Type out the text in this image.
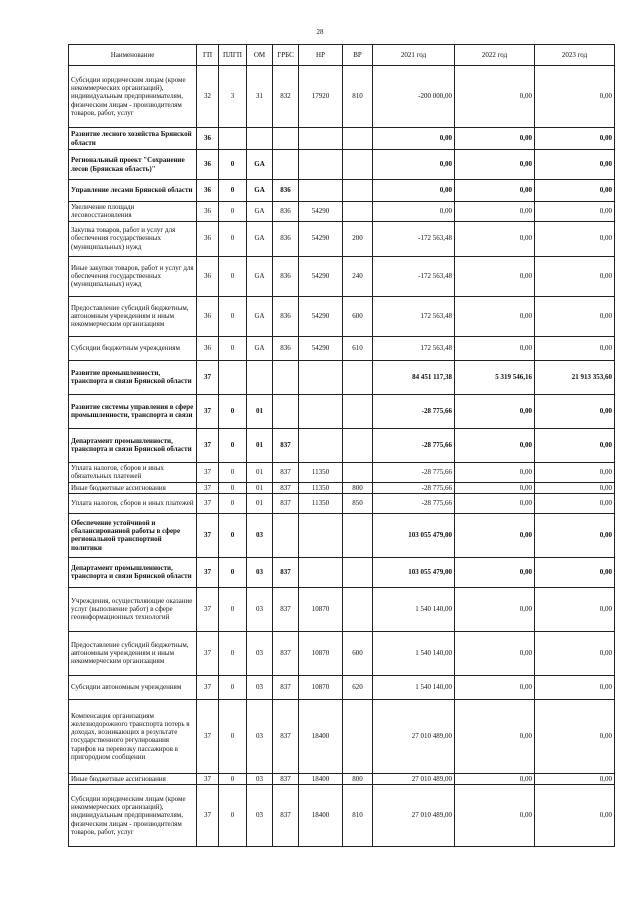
28
Наименование	ГП	ПЛГП	ОМ	ГРБС	НР	ВР	2021 год	2022 год	2023 год
Субсидии юридическим лицам (кроме некоммерческих организаций), индивидуальным предпринимателям, физическим лицам - производителям товаров, работ, услуг	32	3	31	832	17920	810	-200 000,00	0,00	0,00
Развитие лесного хозяйства Брянской области	36						0,00	0,00	0,00
Региональный проект "Сохранение лесов (Брянская область)"	36	0	GA				0,00	0,00	0,00
Управление лесами Брянской области	36	0	GA	836			0,00	0,00	0,00
Увеличение площади лесовосстановления	36	0	GA	836	54290		0,00	0,00	0,00
Закупка товаров, работ и услуг для обеспечения государственных (муниципальных) нужд	36	0	GA	836	54290	200	-172 563,48	0,00	0,00
Иные закупки товаров, работ и услуг для обеспечения государственных (муниципальных) нужд	36	0	GA	836	54290	240	-172 563,48	0,00	0,00
Предоставление субсидий бюджетным, автономным учреждениям и иным некоммерческим организациям	36	0	GA	836	54290	600	172 563,48	0,00	0,00
Субсидии бюджетным учреждениям	36	0	GA	836	54290	610	172 563,48	0,00	0,00
Развитие промышленности, транспорта и связи Брянской области	37						84 451 117,38	5 319 546,16	21 913 353,60
Развитие системы управления в сфере промышленности, транспорта и связи	37	0	01				-28 775,66	0,00	0,00
Департамент промышленности, транспорта и связи Брянской области	37	0	01	837			-28 775,66	0,00	0,00
Уплата налогов, сборов и иных обязательных платежей	37	0	01	837	11350		-28 775,66	0,00	0,00
Иные бюджетные ассигнования	37	0	01	837	11350	800	-28 775,66	0,00	0,00
Уплата налогов, сборов и иных платежей	37	0	01	837	11350	850	-28 775,66	0,00	0,00
Обеспечение устойчивой и сбалансированной работы в сфере региональной транспортной политики	37	0	03				103 055 479,00	0,00	0,00
Департамент промышленности, транспорта и связи Брянской области	37	0	03	837			103 055 479,00	0,00	0,00
Учреждения, осуществляющие оказание услуг (выполнение работ) в сфере геоинформационных технологий	37	0	03	837	10870		1 540 140,00	0,00	0,00
Предоставление субсидий бюджетным, автономным учреждениям и иным некоммерческим организациям	37	0	03	837	10870	600	1 540 140,00	0,00	0,00
Субсидии автономным учреждениям	37	0	03	837	10870	620	1 540 140,00	0,00	0,00
Компенсация организациям железнодорожного транспорта потерь в доходах, возникающих в результате государственного регулирования тарифов на перевозку пассажиров в пригородном сообщении	37	0	03	837	18400		27 010 489,00	0,00	0,00
Иные бюджетные ассигнования	37	0	03	837	18400	800	27 010 489,00	0,00	0,00
Субсидии юридическим лицам (кроме некоммерческих организаций), индивидуальным предпринимателям, физическим лицам - производителям товаров, работ, услуг	37	0	03	837	18400	810	27 010 489,00	0,00	0,00
